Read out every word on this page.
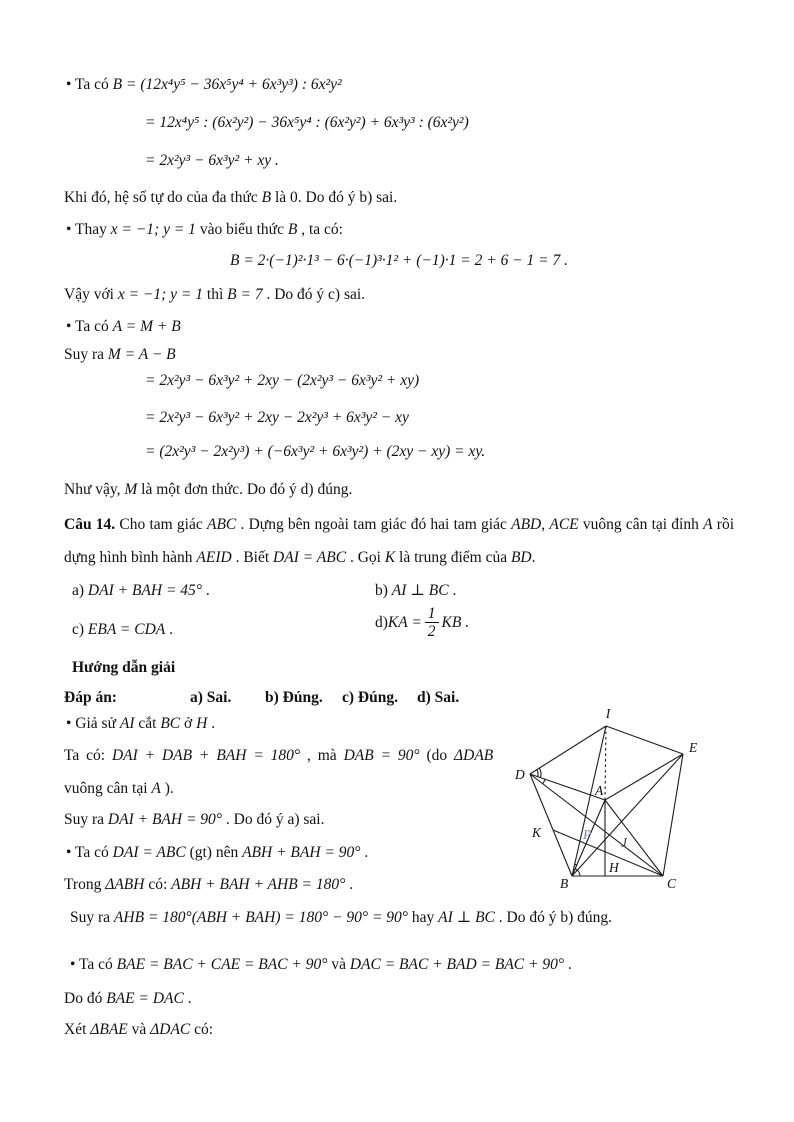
• Ta có B = (12x⁴y⁵ − 36x⁵y⁴ + 6x³y³) : 6x²y²
= 12x⁴y⁵ : (6x²y²) − 36x⁵y⁴ : (6x²y²) + 6x³y³ : (6x²y²)
= 2x²y³ − 6x³y² + xy .
Khi đó, hệ số tự do của đa thức B là 0. Do đó ý b) sai.
• Thay x = −1; y = 1 vào biểu thức B , ta có:
B = 2·(−1)²·1³ − 6·(−1)³·1² + (−1)·1 = 2 + 6 − 1 = 7 .
Vậy với x = −1; y = 1 thì B = 7 . Do đó ý c) sai.
• Ta có A = M + B
Suy ra M = A − B
= 2x²y³ − 6x³y² + 2xy − (2x²y³ − 6x³y² + xy)
= 2x²y³ − 6x³y² + 2xy − 2x²y³ + 6x³y² − xy
= (2x²y³ − 2x²y³) + (−6x³y² + 6x³y²) + (2xy − xy) = xy.
Như vậy, M là một đơn thức. Do đó ý d) đúng.
Câu 14. Cho tam giác ABC . Dựng bên ngoài tam giác đó hai tam giác ABD, ACE vuông cân tại đỉnh A rồi dựng hình bình hành AEID . Biết DAI = ABC . Gọi K là trung điểm của BD.
a) DAI + BAH = 45° .	b) AI ⊥ BC .
c) EBA = CDA .	d) KA = $\frac{1}{2}$ KB .
Hướng dẫn giải
Đáp án:	a) Sai. b) Đúng. c) Đúng. d) Sai.
• Giả sử AI cắt BC ở H .
Ta có: DAI + DAB + BAH = 180° , mà DAB = 90° (do ΔDAB
vuông cân tại A ).
Suy ra DAI + BAH = 90° . Do đó ý a) sai.
• Ta có DAI = ABC (gt) nên ABH + BAH = 90° .
Trong ΔABH có: ABH + BAH + AHB = 180° .
Suy ra AHB = 180°(ABH + BAH) = 180° − 90° = 90° hay AI ⊥ BC . Do đó ý b) đúng.
• Ta có BAE = BAC + CAE = BAC + 90° và DAC = BAC + BAD = BAC + 90° .
Do đó BAE = DAC .
Xét ΔBAE và ΔDAC có:
I
E
D
A
K	P
J
B
H
C
